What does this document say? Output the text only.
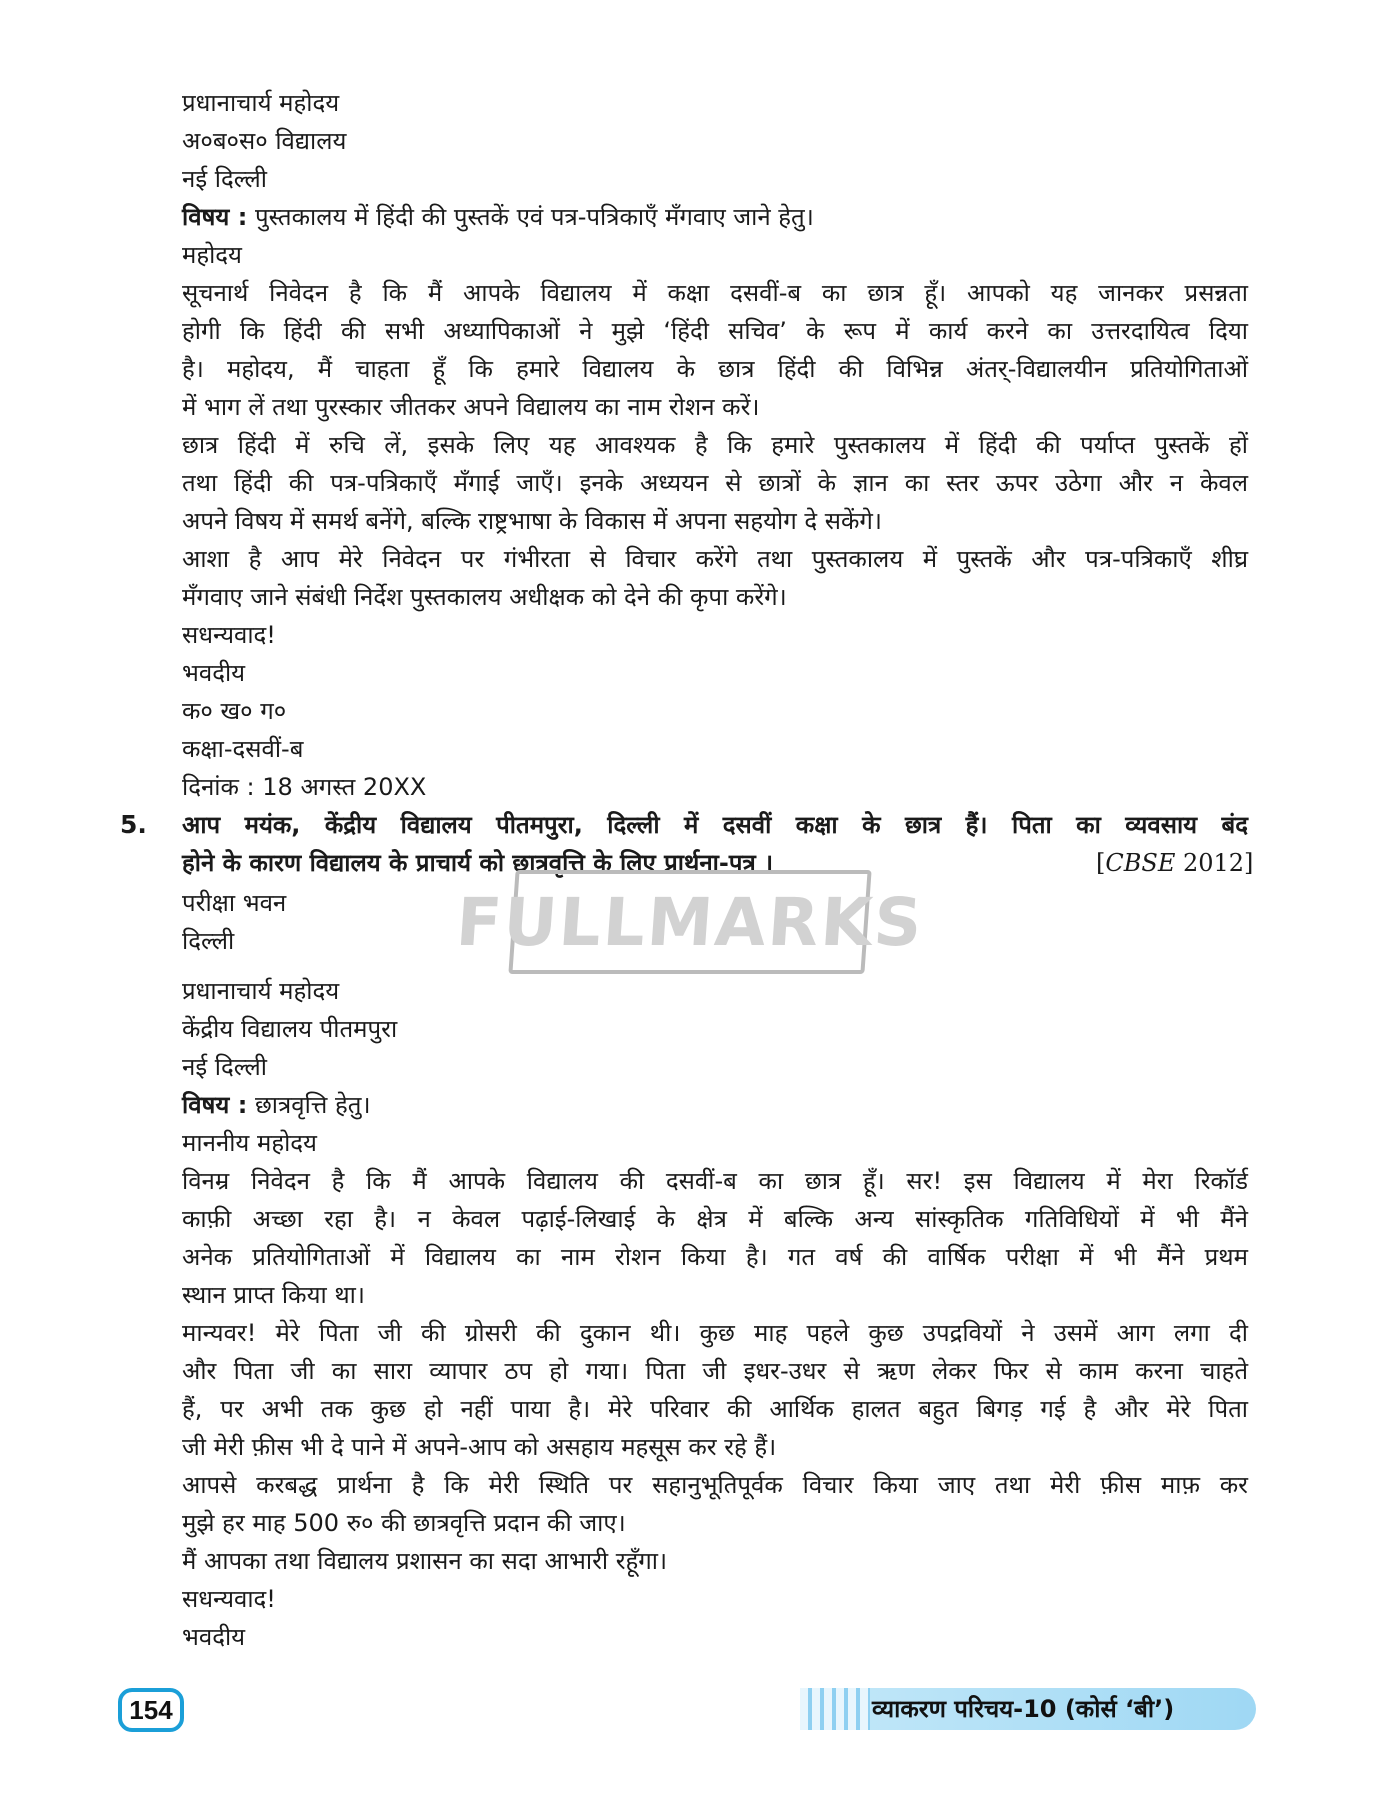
प्रधानाचार्य महोदय
अ०ब०स० विद्यालय
नई दिल्ली
विषय : पुस्तकालय में हिंदी की पुस्तकें एवं पत्र-पत्रिकाएँ मँगवाए जाने हेतु।
महोदय
सूचनार्थ निवेदन है कि मैं आपके विद्यालय में कक्षा दसवीं-ब का छात्र हूँ। आपको यह जानकर प्रसन्नता
होगी कि हिंदी की सभी अध्यापिकाओं ने मुझे ‘हिंदी सचिव’ के रूप में कार्य करने का उत्तरदायित्व दिया
है। महोदय, मैं चाहता हूँ कि हमारे विद्यालय के छात्र हिंदी की विभिन्न अंतर्-विद्यालयीन प्रतियोगिताओं
में भाग लें तथा पुरस्कार जीतकर अपने विद्यालय का नाम रोशन करें।
छात्र हिंदी में रुचि लें, इसके लिए यह आवश्यक है कि हमारे पुस्तकालय में हिंदी की पर्याप्त पुस्तकें हों
तथा हिंदी की पत्र-पत्रिकाएँ मँगाई जाएँ। इनके अध्ययन से छात्रों के ज्ञान का स्तर ऊपर उठेगा और न केवल
अपने विषय में समर्थ बनेंगे, बल्कि राष्ट्रभाषा के विकास में अपना सहयोग दे सकेंगे।
आशा है आप मेरे निवेदन पर गंभीरता से विचार करेंगे तथा पुस्तकालय में पुस्तकें और पत्र-पत्रिकाएँ शीघ्र
मँगवाए जाने संबंधी निर्देश पुस्तकालय अधीक्षक को देने की कृपा करेंगे।
सधन्यवाद!
भवदीय
क० ख० ग०
कक्षा-दसवीं-ब
दिनांक : 18 अगस्त 20XX
5. आप मयंक, केंद्रीय विद्यालय पीतमपुरा, दिल्ली में दसवीं कक्षा के छात्र हैं। पिता का व्यवसाय बंद
होने के कारण विद्यालय के प्राचार्य को छात्रवृत्ति के लिए प्रार्थना-पत्र ।	[CBSE 2012]
FULLMARKS
परीक्षा भवन
दिल्ली
प्रधानाचार्य महोदय
केंद्रीय विद्यालय पीतमपुरा
नई दिल्ली
विषय : छात्रवृत्ति हेतु।
माननीय महोदय
विनम्र निवेदन है कि मैं आपके विद्यालय की दसवीं-ब का छात्र हूँ। सर! इस विद्यालय में मेरा रिकॉर्ड
काफ़ी अच्छा रहा है। न केवल पढ़ाई-लिखाई के क्षेत्र में बल्कि अन्य सांस्कृतिक गतिविधियों में भी मैंने
अनेक प्रतियोगिताओं में विद्यालय का नाम रोशन किया है। गत वर्ष की वार्षिक परीक्षा में भी मैंने प्रथम
स्थान प्राप्त किया था।
मान्यवर! मेरे पिता जी की ग्रोसरी की दुकान थी। कुछ माह पहले कुछ उपद्रवियों ने उसमें आग लगा दी
और पिता जी का सारा व्यापार ठप हो गया। पिता जी इधर-उधर से ऋण लेकर फिर से काम करना चाहते
हैं, पर अभी तक कुछ हो नहीं पाया है। मेरे परिवार की आर्थिक हालत बहुत बिगड़ गई है और मेरे पिता
जी मेरी फ़ीस भी दे पाने में अपने-आप को असहाय महसूस कर रहे हैं।
आपसे करबद्ध प्रार्थना है कि मेरी स्थिति पर सहानुभूतिपूर्वक विचार किया जाए तथा मेरी फ़ीस माफ़ कर
मुझे हर माह 500 रु० की छात्रवृत्ति प्रदान की जाए।
मैं आपका तथा विद्यालय प्रशासन का सदा आभारी रहूँगा।
सधन्यवाद!
भवदीय
154	व्याकरण परिचय-10 (कोर्स ‘बी’)
